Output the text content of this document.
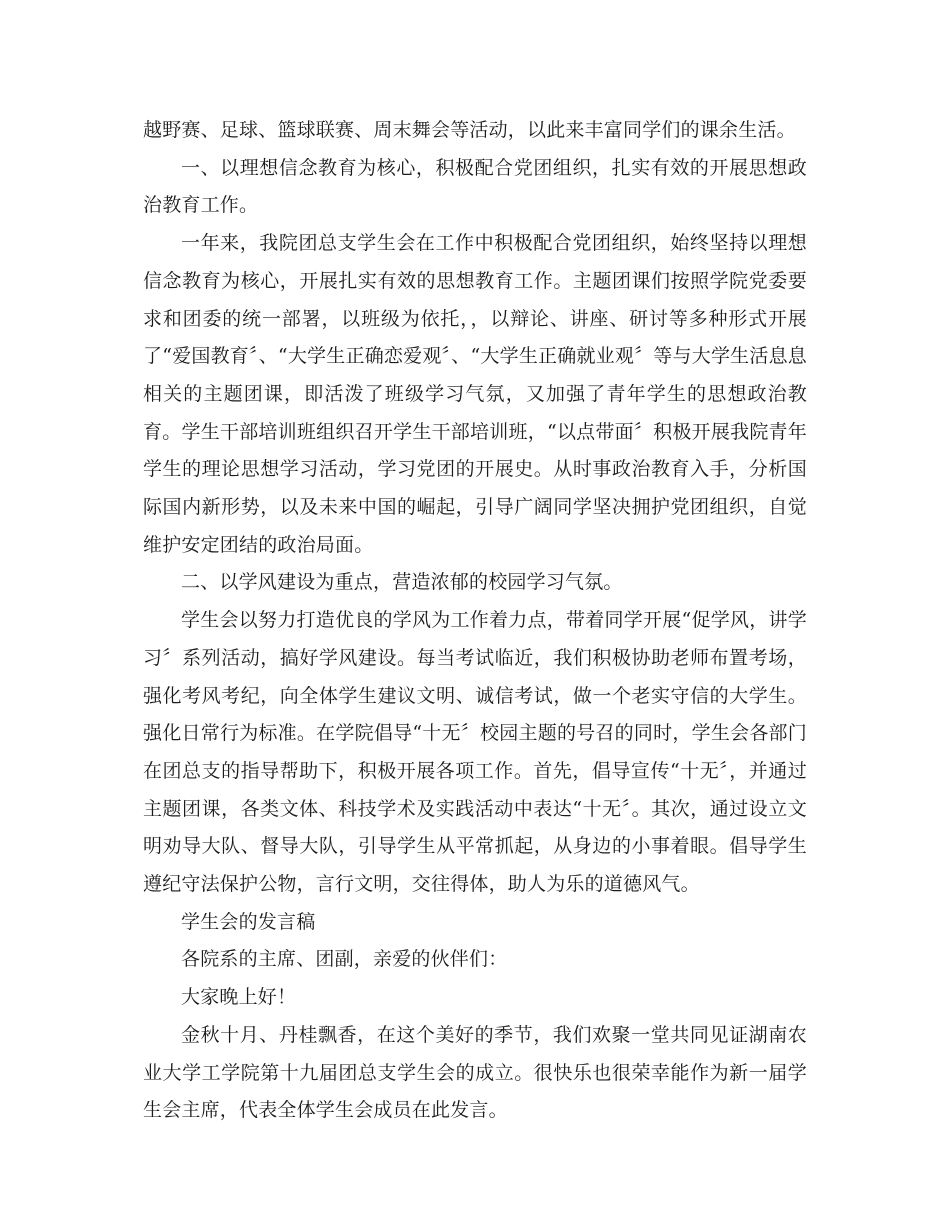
越野赛、足球、篮球联赛、周末舞会等活动，以此来丰富同学们的课余生活。

一、以理想信念教育为核心，积极配合党团组织，扎实有效的开展思想政治教育工作。

一年来，我院团总支学生会在工作中积极配合党团组织，始终坚持以理想信念教育为核心，开展扎实有效的思想教育工作。主题团课们按照学院党委要求和团委的统一部署，以班级为依托，，以辩论、讲座、研讨等多种形式开展了“爱国教育〞、“大学生正确恋爱观〞、“大学生正确就业观〞等与大学生活息息相关的主题团课，即活泼了班级学习气氛，又加强了青年学生的思想政治教育。学生干部培训班组织召开学生干部培训班，“以点带面〞积极开展我院青年学生的理论思想学习活动，学习党团的开展史。从时事政治教育入手，分析国际国内新形势，以及未来中国的崛起，引导广阔同学坚决拥护党团组织，自觉维护安定团结的政治局面。

二、以学风建设为重点，营造浓郁的校园学习气氛。

学生会以努力打造优良的学风为工作着力点，带着同学开展“促学风，讲学习〞系列活动，搞好学风建设。每当考试临近，我们积极协助老师布置考场，强化考风考纪，向全体学生建议文明、诚信考试，做一个老实守信的大学生。强化日常行为标准。在学院倡导“十无〞校园主题的号召的同时，学生会各部门在团总支的指导帮助下，积极开展各项工作。首先，倡导宣传“十无〞，并通过主题团课，各类文体、科技学术及实践活动中表达“十无〞。其次，通过设立文明劝导大队、督导大队，引导学生从平常抓起，从身边的小事着眼。倡导学生遵纪守法保护公物，言行文明，交往得体，助人为乐的道德风气。

学生会的发言稿

各院系的主席、团副，亲爱的伙伴们：

大家晚上好！

金秋十月、丹桂飘香，在这个美好的季节，我们欢聚一堂共同见证湖南农业大学工学院第十九届团总支学生会的成立。很快乐也很荣幸能作为新一届学生会主席，代表全体学生会成员在此发言。
